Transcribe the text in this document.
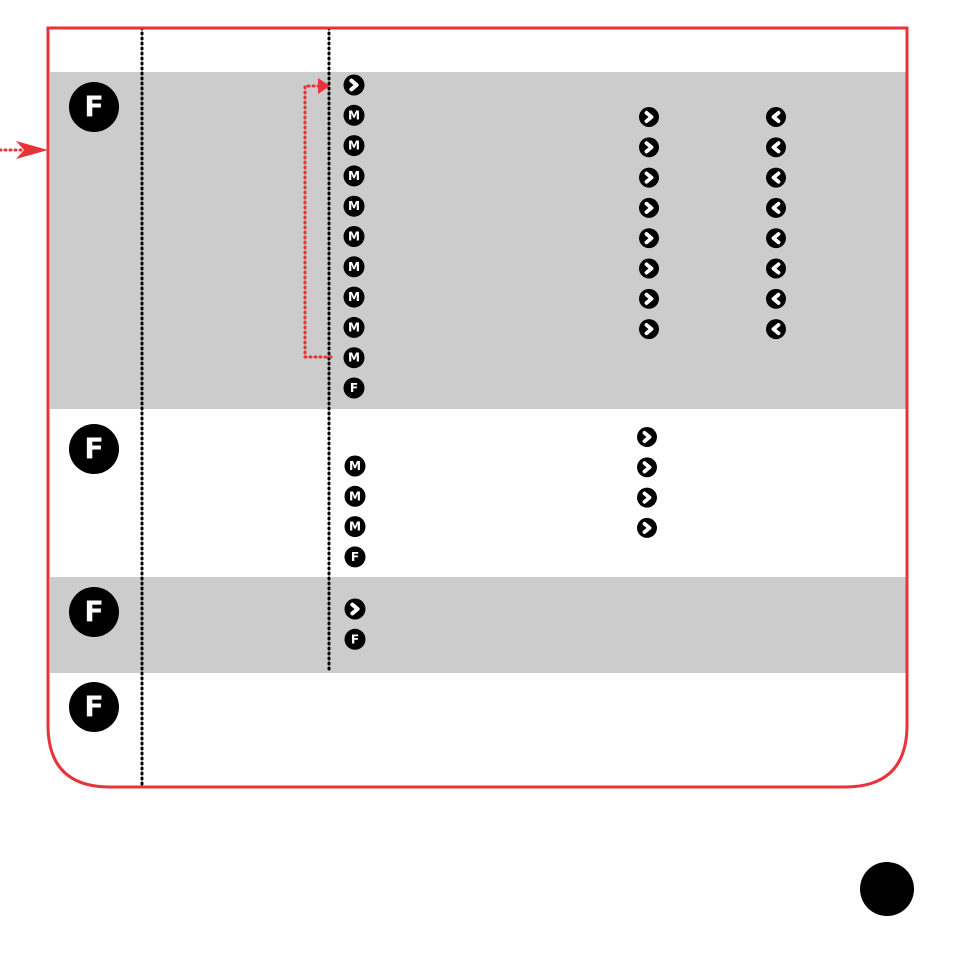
F	M
M
M
M
M
M
M
M
M
F
F
M
M
M
F
F
F
F
